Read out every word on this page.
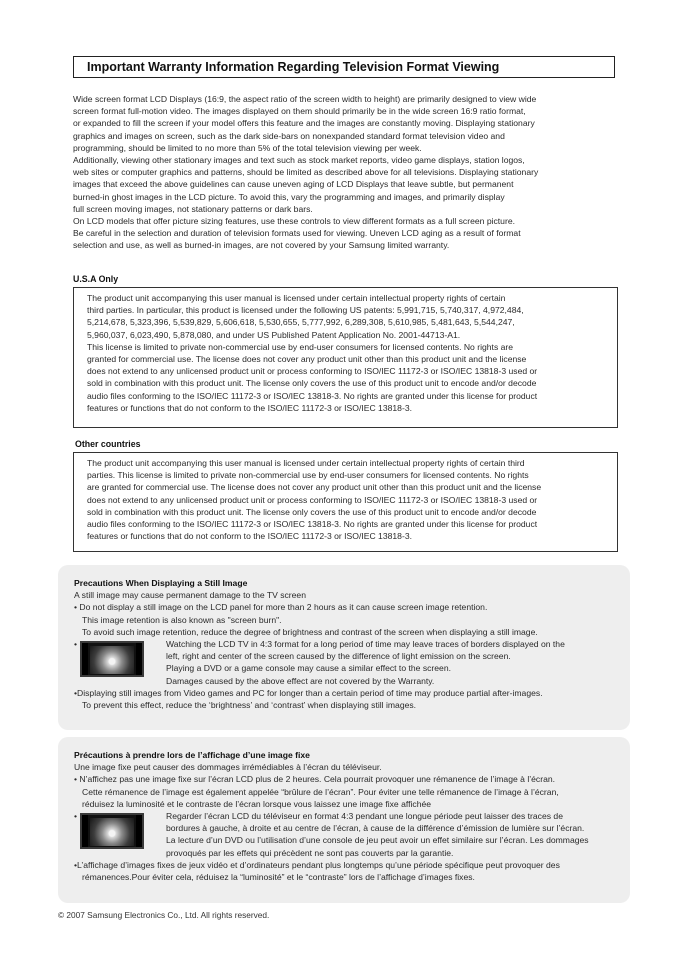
Important Warranty Information Regarding Television Format Viewing

Wide screen format LCD Displays (16:9, the aspect ratio of the screen width to height) are primarily designed to view wide

screen format full-motion video. The images displayed on them should primarily be in the wide screen 16:9 ratio format,

or expanded to fill the screen if your model offers this feature and the images are constantly moving. Displaying stationary

graphics and images on screen, such as the dark side-bars on nonexpanded standard format television video and

programming, should be limited to no more than 5% of the total television viewing per week.

Additionally, viewing other stationary images and text such as stock market reports, video game displays, station logos,

web sites or computer graphics and patterns, should be limited as described above for all televisions. Displaying stationary

images that exceed the above guidelines can cause uneven aging of LCD Displays that leave subtle, but permanent

burned-in ghost images in the LCD picture. To avoid this, vary the programming and images, and primarily display

full screen moving images, not stationary patterns or dark bars.

On LCD models that offer picture sizing features, use these controls to view different formats as a full screen picture.

Be careful in the selection and duration of television formats used for viewing. Uneven LCD aging as a result of format

selection and use, as well as burned-in images, are not covered by your Samsung limited warranty.

U.S.A Only

The product unit accompanying this user manual is licensed under certain intellectual property rights of certain

third parties. In particular, this product is licensed under the following US patents: 5,991,715, 5,740,317, 4,972,484,

5,214,678, 5,323,396, 5,539,829, 5,606,618, 5,530,655, 5,777,992, 6,289,308, 5,610,985, 5,481,643, 5,544,247,

5,960,037, 6,023,490, 5,878,080, and under US Published Patent Application No. 2001-44713-A1.

This license is limited to private non-commercial use by end-user consumers for licensed contents. No rights are

granted for commercial use. The license does not cover any product unit other than this product unit and the license

does not extend to any unlicensed product unit or process conforming to ISO/IEC 11172-3 or ISO/IEC 13818-3 used or

sold in combination with this product unit. The license only covers the use of this product unit to encode and/or decode

audio files conforming to the ISO/IEC 11172-3 or ISO/IEC 13818-3. No rights are granted under this license for product

features or functions that do not conform to the ISO/IEC 11172-3 or ISO/IEC 13818-3.

Other countries

The product unit accompanying this user manual is licensed under certain intellectual property rights of certain third

parties. This license is limited to private non-commercial use by end-user consumers for licensed contents. No rights

are granted for commercial use. The license does not cover any product unit other than this product unit and the license

does not extend to any unlicensed product unit or process conforming to ISO/IEC 11172-3 or ISO/IEC 13818-3 used or

sold in combination with this product unit. The license only covers the use of this product unit to encode and/or decode

audio files conforming to the ISO/IEC 11172-3 or ISO/IEC 13818-3. No rights are granted under this license for product

features or functions that do not conform to the ISO/IEC 11172-3 or ISO/IEC 13818-3.

Precautions When Displaying a Still Image

A still image may cause permanent damage to the TV screen

• Do not display a still image on the LCD panel for more than 2 hours as it can cause screen image retention.

This image retention is also known as "screen burn".

To avoid such image retention, reduce the degree of brightness and contrast of the screen when displaying a still image.

•	Watching the LCD TV in 4:3 format for a long period of time may leave traces of borders displayed on the

left, right and center of the screen caused by the difference of light emission on the screen.

Playing a DVD or a game console may cause a similar effect to the screen.

Damages caused by the above effect are not covered by the Warranty.

•Displaying still images from Video games and PC for longer than a certain period of time may produce partial after-images.

To prevent this effect, reduce the ‘brightness’ and ‘contrast’ when displaying still images.

Précautions à prendre lors de l’affichage d’une image fixe

Une image fixe peut causer des dommages irrémédiables à l’écran du téléviseur.

• N’affichez pas une image fixe sur l’écran LCD plus de 2 heures. Cela pourrait provoquer une rémanence de l’image à l’écran.

Cette rémanence de l’image est également appelée “brûlure de l’écran”. Pour éviter une telle rémanence de l’image à l’écran,

réduisez la luminosité et le contraste de l’écran lorsque vous laissez une image fixe affichée

•	Regarder l’écran LCD du téléviseur en format 4:3 pendant une longue période peut laisser des traces de

bordures à gauche, à droite et au centre de l’écran, à cause de la différence d’émission de lumière sur l’écran.

La lecture d’un DVD ou l’utilisation d’une console de jeu peut avoir un effet similaire sur l’écran. Les dommages

provoqués par les effets qui précèdent ne sont pas couverts par la garantie.

•L’affichage d’images fixes de jeux vidéo et d’ordinateurs pendant plus longtemps qu’une période spécifique peut provoquer des

rémanences.Pour éviter cela, réduisez la “luminosité” et le “contraste” lors de l’affichage d’images fixes.

© 2007 Samsung Electronics Co., Ltd. All rights reserved.
